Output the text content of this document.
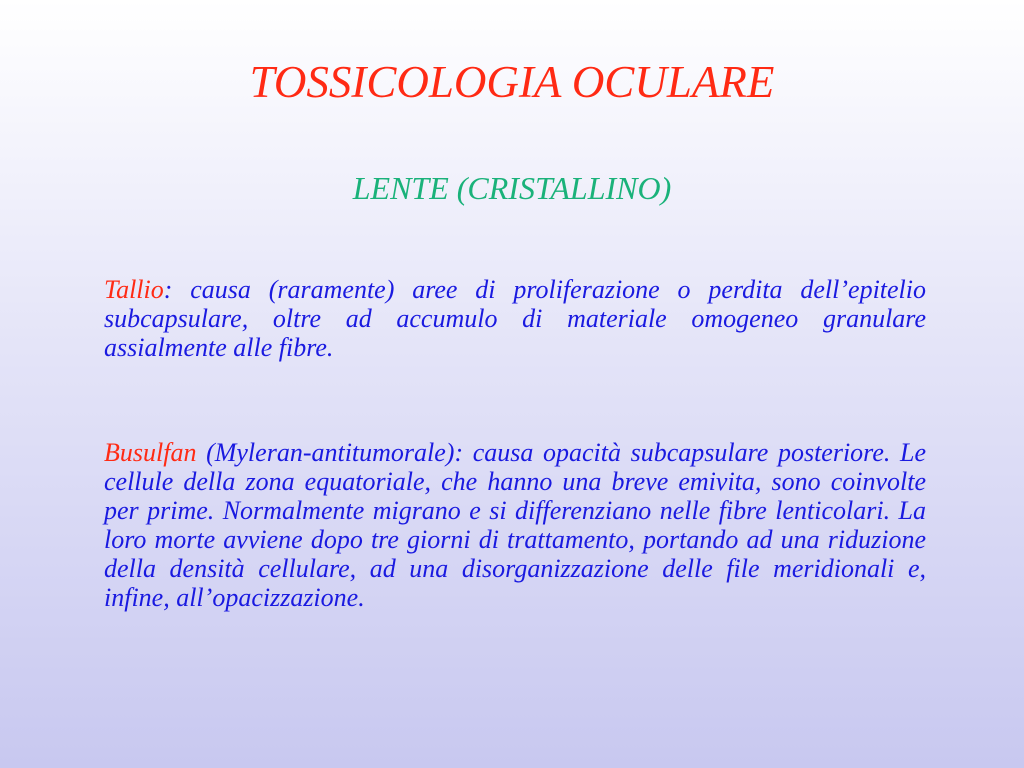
TOSSICOLOGIA OCULARE
LENTE (CRISTALLINO)

Tallio: causa (raramente) aree di proliferazione o perdita dell’epitelio subcapsulare, oltre ad accumulo di materiale omogeneo granulare assialmente alle fibre.

Busulfan (Myleran-antitumorale): causa opacità subcapsulare posteriore. Le cellule della zona equatoriale, che hanno una breve emivita, sono coinvolte per prime. Normalmente migrano e si differenziano nelle fibre lenticolari. La loro morte avviene dopo tre giorni di trattamento, portando ad una riduzione della densità cellulare, ad una disorganizzazione delle file meridionali e, infine, all’opacizzazione.
